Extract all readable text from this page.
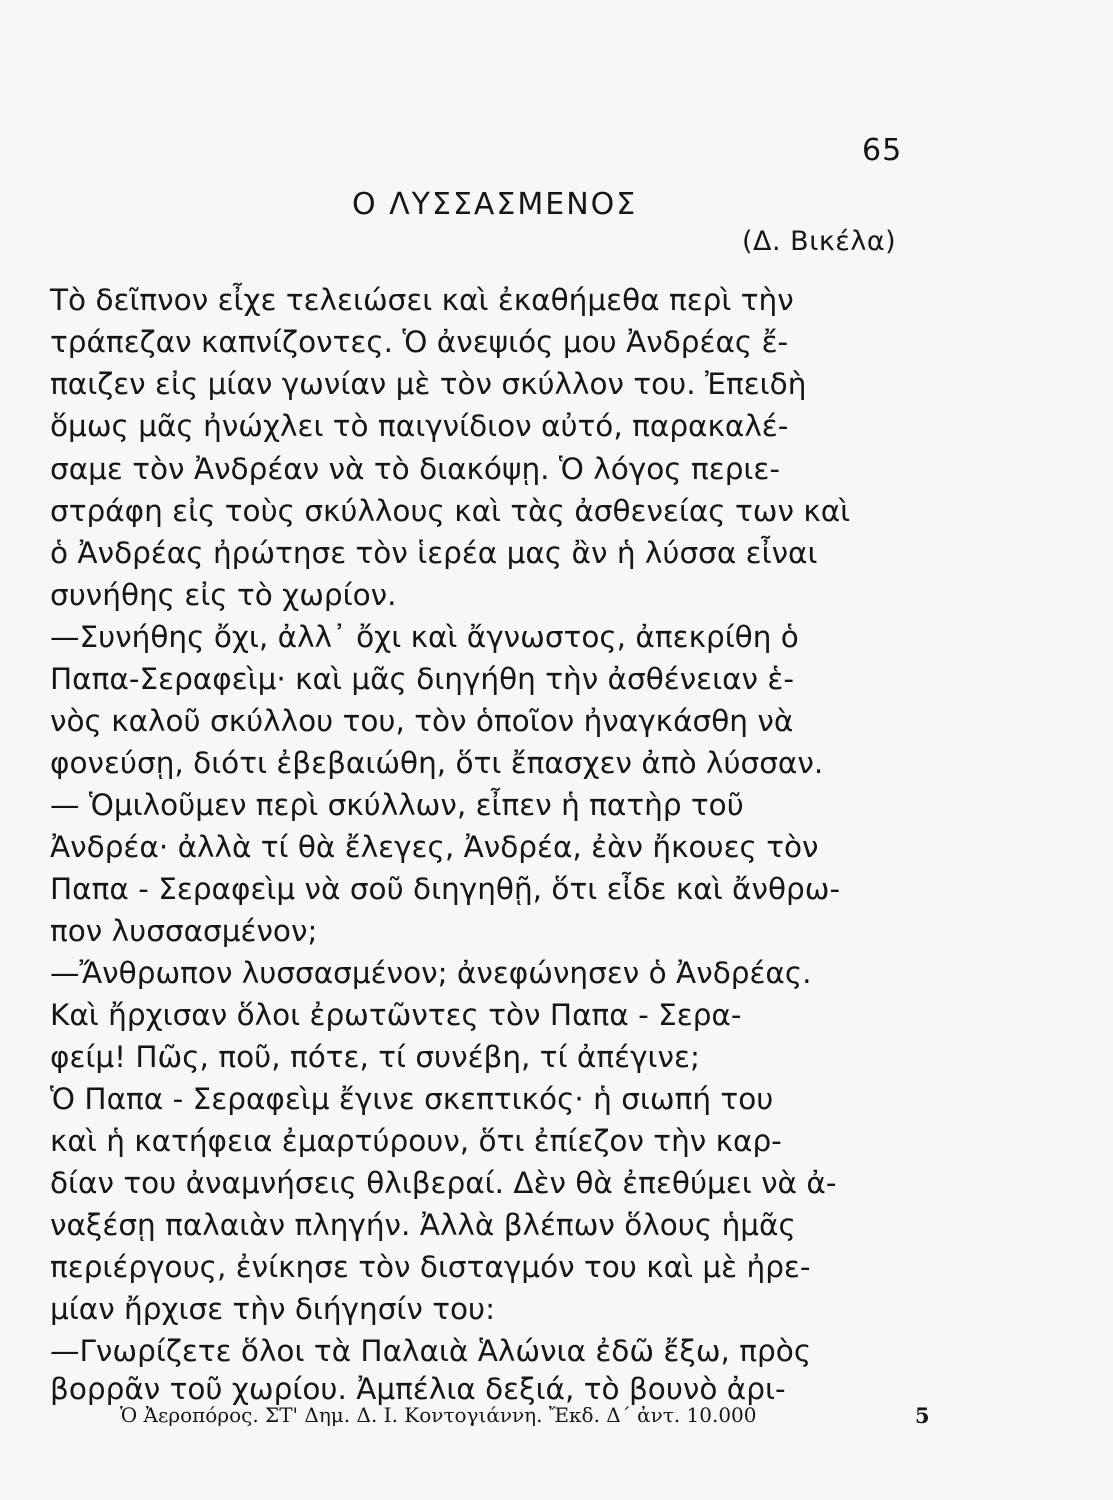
65
Ο ΛΥΣΣΑΣΜΕΝΟΣ
(Δ. Βικέλα)
Τὸ δεῖπνον εἶχε τελειώσει καὶ ἐκαθήμεθα περὶ τὴν
τράπεζαν καπνίζοντες. Ὁ ἀνεψιός μου Ἀνδρέας ἔ-
παιζεν εἰς μίαν γωνίαν μὲ τὸν σκύλλον του. Ἐπειδὴ
ὅμως μᾶς ἠνώχλει τὸ παιγνίδιον αὐτό, παρακαλέ-
σαμε τὸν Ἀνδρέαν νὰ τὸ διακόψῃ. Ὁ λόγος περιε-
στράφη εἰς τοὺς σκύλλους καὶ τὰς ἀσθενείας των καὶ
ὁ Ἀνδρέας ἠρώτησε τὸν ἱερέα μας ἂν ἡ λύσσα εἶναι
συνήθης εἰς τὸ χωρίον.
—Συνήθης ὄχι, ἀλλ᾽ ὄχι καὶ ἄγνωστος, ἀπεκρίθη ὁ
Παπα-Σεραφεὶμ· καὶ μᾶς διηγήθη τὴν ἀσθένειαν ἑ-
νὸς καλοῦ σκύλλου του, τὸν ὁποῖον ἠναγκάσθη νὰ
φονεύσῃ, διότι ἐβεβαιώθη, ὅτι ἔπασχεν ἀπὸ λύσσαν.
— Ὁμιλοῦμεν περὶ σκύλλων, εἶπεν ἡ πατὴρ τοῦ
Ἀνδρέα· ἀλλὰ τί θὰ ἔλεγες, Ἀνδρέα, ἐὰν ἤκουες τὸν
Παπα - Σεραφεὶμ νὰ σοῦ διηγηθῇ, ὅτι εἶδε καὶ ἄνθρω-
πον λυσσασμένον;
—Ἄνθρωπον λυσσασμένον; ἀνεφώνησεν ὁ Ἀνδρέας.
Καὶ ἤρχισαν ὅλοι ἐρωτῶντες τὸν Παπα - Σερα-
φείμ! Πῶς, ποῦ, πότε, τί συνέβη, τί ἀπέγινε;
Ὁ Παπα - Σεραφεὶμ ἔγινε σκεπτικός· ἡ σιωπή του
καὶ ἡ κατήφεια ἐμαρτύρουν, ὅτι ἐπίεζον τὴν καρ-
δίαν του ἀναμνήσεις θλιβεραί. Δὲν θὰ ἐπεθύμει νὰ ἀ-
ναξέσῃ παλαιὰν πληγήν. Ἀλλὰ βλέπων ὅλους ἡμᾶς
περιέργους, ἐνίκησε τὸν δισταγμόν του καὶ μὲ ἠρε-
μίαν ἤρχισε τὴν διήγησίν του:
—Γνωρίζετε ὅλοι τὰ Παλαιὰ Ἁλώνια ἐδῶ ἔξω, πρὸς
βορρᾶν τοῦ χωρίου. Ἀμπέλια δεξιά, τὸ βουνὸ ἀρι-
Ὁ Ἀεροπόρος. ΣΤ' Δημ. Δ. Ι. Κοντογιάννη. Ἔκδ. Δ΄ ἀντ. 10.000	5
